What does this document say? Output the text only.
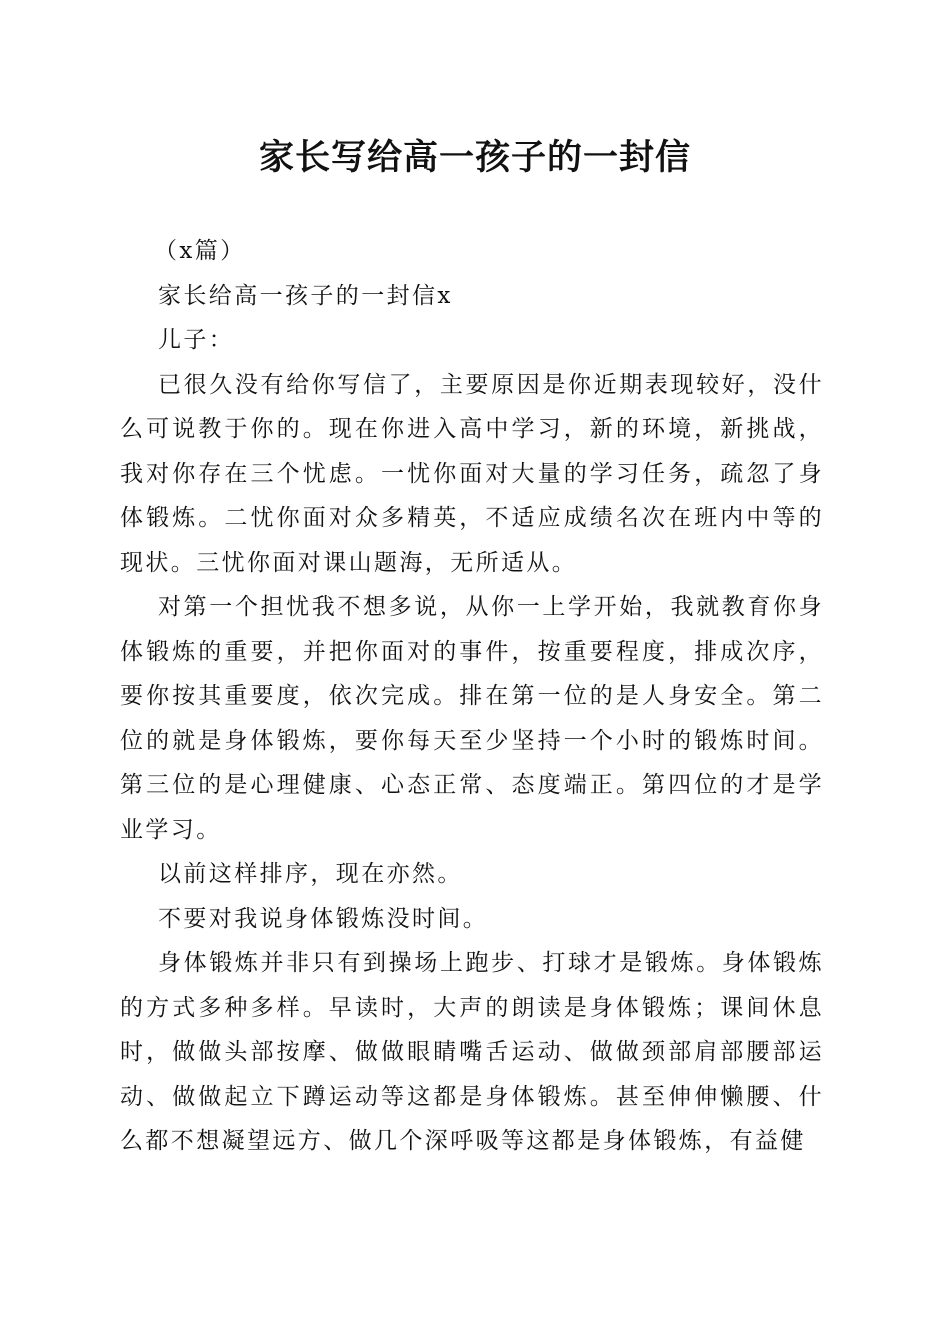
家长写给高一孩子的一封信

（x篇）

家长给高一孩子的一封信x

儿子：

已很久没有给你写信了，主要原因是你近期表现较好，没什么可说教于你的。现在你进入高中学习，新的环境，新挑战，我对你存在三个忧虑。一忧你面对大量的学习任务，疏忽了身体锻炼。二忧你面对众多精英，不适应成绩名次在班内中等的现状。三忧你面对课山题海，无所适从。

对第一个担忧我不想多说，从你一上学开始，我就教育你身体锻炼的重要，并把你面对的事件，按重要程度，排成次序，要你按其重要度，依次完成。排在第一位的是人身安全。第二位的就是身体锻炼，要你每天至少坚持一个小时的锻炼时间。第三位的是心理健康、心态正常、态度端正。第四位的才是学业学习。

以前这样排序，现在亦然。

不要对我说身体锻炼没时间。

身体锻炼并非只有到操场上跑步、打球才是锻炼。身体锻炼的方式多种多样。早读时，大声的朗读是身体锻炼；课间休息时，做做头部按摩、做做眼睛嘴舌运动、做做颈部肩部腰部运动、做做起立下蹲运动等这都是身体锻炼。甚至伸伸懒腰、什么都不想凝望远方、做几个深呼吸等这都是身体锻炼，有益健
